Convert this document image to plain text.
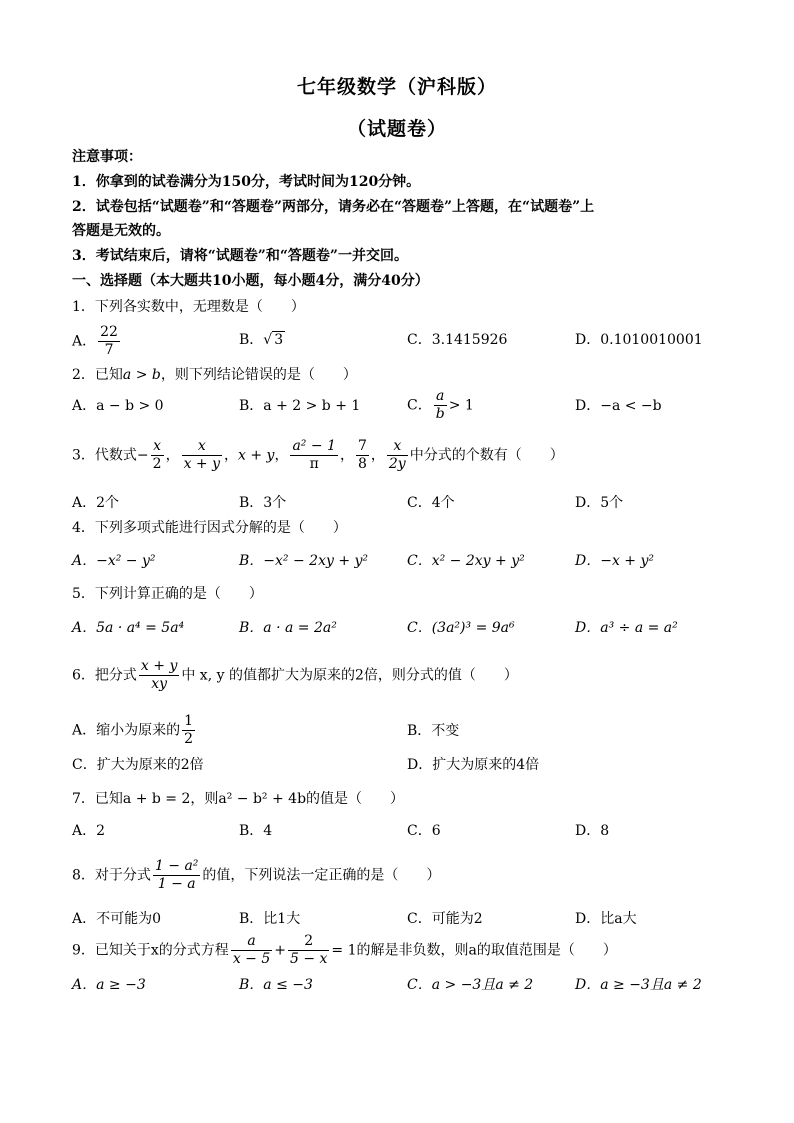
七年级数学（沪科版）
（试题卷）
注意事项：
1．你拿到的试卷满分为150分，考试时间为120分钟。
2．试卷包括“试题卷”和“答题卷”两部分，请务必在“答题卷”上答题，在“试题卷”上
答题是无效的。
3．考试结束后，请将“试题卷”和“答题卷”一并交回。
一、选择题（本大题共10小题，每小题4分，满分40分）
1．下列各实数中，无理数是（　　）
A． $\frac{22}{7}$	B．√ 3	C．3.1415926	D．0.1010010001
2．已知a > b，则下列结论错误的是（　　）
A．a − b > 0	B．a + 2 > b + 1	C． $\frac{a}{b} > 1$	D．−a < −b
3．代数式− $\frac{x}{2}$ ， $\frac{x}{x + y}$ ，x + y， $\frac{\text{a² − 1}}{\pi}$ ， $\frac{7}{8}$ ， $\frac{x}{2y}$ 中分式的个数有（　　）
A．2个	B．3个	C．4个	D．5个
4．下列多项式能进行因式分解的是（　　）
A．−x² − y²	B．−x² − 2xy + y²	C．x² − 2xy + y²	D．−x + y²
5．下列计算正确的是（　　）
A．5a · a⁴ = 5a⁴	B．a · a = 2a²	C．(3a²)³ = 9a⁶	D．a³ ÷ a = a²
6．把分式 $\frac{x + y}{xy}$ 中 x, y 的值都扩大为原来的2倍，则分式的值（　　）
A．缩小为原来的 $\frac{1}{2}$	B．不变
C．扩大为原来的2倍	D．扩大为原来的4倍
7．已知a + b = 2，则a² − b² + 4b的值是（　　）
A．2	B．4	C．6	D．8
8．对于分式 $\frac{\text{1 − a²}}{1 - a}$ 的值，下列说法一定正确的是（　　）
A．不可能为0	B．比1大	C．可能为2	D．比a大
9．已知关于x的分式方程 $\frac{a}{x - 5} + \frac{2}{5 - x} = 1$的解是非负数，则a的取值范围是（　　）
A．a ≥ −3	B．a ≤ −3	C．a > −3且a ≠ 2	D．a ≥ −3且a ≠ 2
